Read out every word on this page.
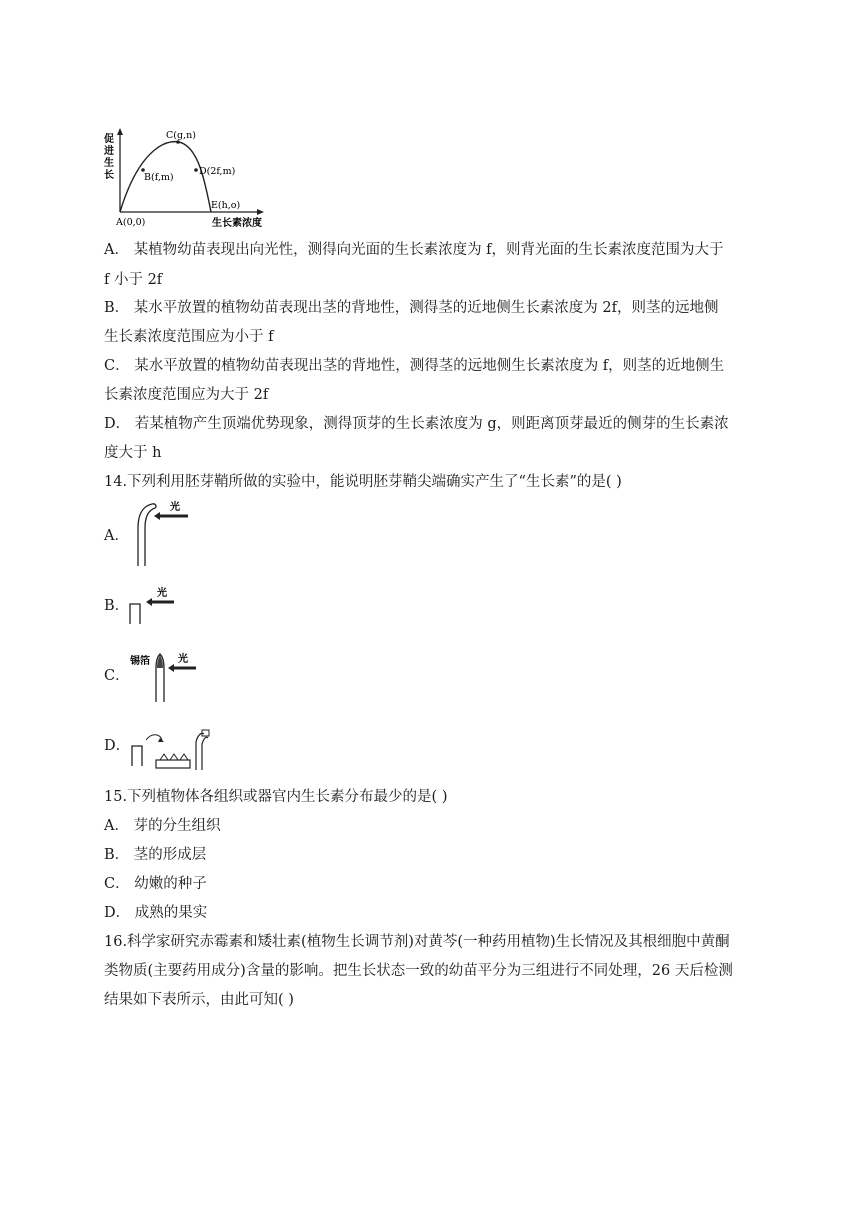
促
进
生
长
C(g,n)
B(f,m)
D(2f,m)
E(h,o)
A(0,0)	生长素浓度
A． 某植物幼苗表现出向光性，测得向光面的生长素浓度为 f，则背光面的生长素浓度范围为大于
f 小于 2f
B． 某水平放置的植物幼苗表现出茎的背地性，测得茎的近地侧生长素浓度为 2f，则茎的远地侧
生长素浓度范围应为小于 f
C． 某水平放置的植物幼苗表现出茎的背地性，测得茎的远地侧生长素浓度为 f，则茎的近地侧生
长素浓度范围应为大于 2f
D． 若某植物产生顶端优势现象，测得顶芽的生长素浓度为 g，则距离顶芽最近的侧芽的生长素浓
度大于 h
14.下列利用胚芽鞘所做的实验中，能说明胚芽鞘尖端确实产生了“生长素”的是( )
A．
光
B．
光
C．
锡箔	光
D．
15.下列植物体各组织或器官内生长素分布最少的是( )
A． 芽的分生组织
B． 茎的形成层
C． 幼嫩的种子
D． 成熟的果实
16.科学家研究赤霉素和矮壮素(植物生长调节剂)对黄芩(一种药用植物)生长情况及其根细胞中黄酮
类物质(主要药用成分)含量的影响。把生长状态一致的幼苗平分为三组进行不同处理，26 天后检测
结果如下表所示，由此可知( )
